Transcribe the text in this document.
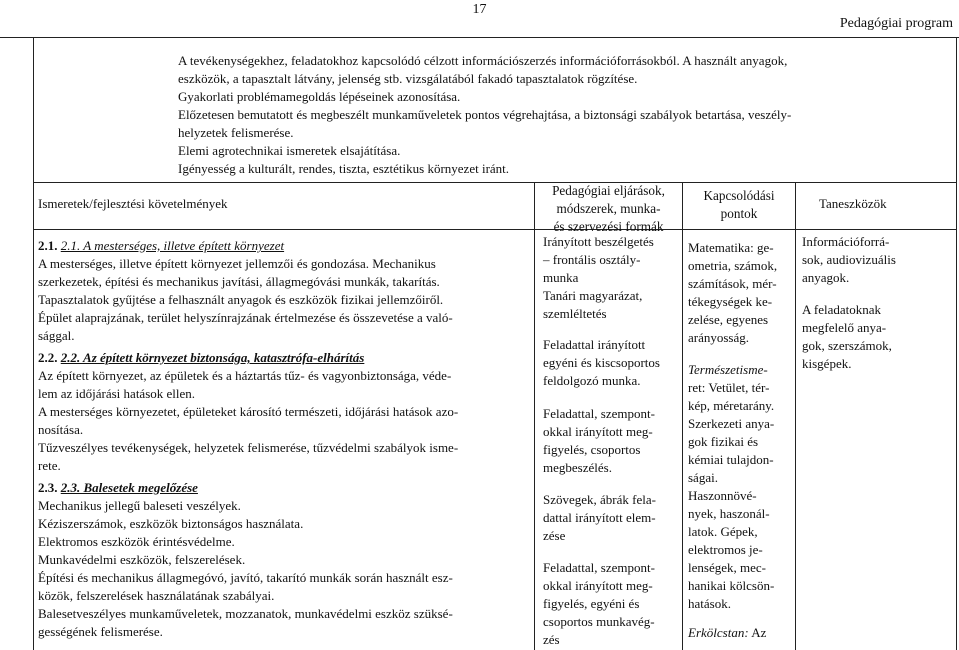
17
Pedagógiai program
A tevékenységekhez, feladatokhoz kapcsolódó célzott információszerzés információforrásokból. A használt anyagok,
eszközök, a tapasztalt látvány, jelenség stb. vizsgálatából fakadó tapasztalatok rögzítése.
Gyakorlati problémamegoldás lépéseinek azonosítása.
Előzetesen bemutatott és megbeszélt munkaműveletek pontos végrehajtása, a biztonsági szabályok betartása, veszély-
helyzetek felismerése.
Elemi agrotechnikai ismeretek elsajátítása.
Igényesség a kulturált, rendes, tiszta, esztétikus környezet iránt.
Ismeretek/fejlesztési követelmények
Pedagógiai eljárások,
módszerek, munka-
és szervezési formák
Kapcsolódási
pontok
Taneszközök
2.1. 2.1. A mesterséges, illetve épített környezet
A mesterséges, illetve épített környezet jellemzői és gondozása. Mechanikus
szerkezetek, építési és mechanikus javítási, állagmegóvási munkák, takarítás.
Tapasztalatok gyűjtése a felhasznált anyagok és eszközök fizikai jellemzőiről.
Épület alaprajzának, terület helyszínrajzának értelmezése és összevetése a való-
sággal.
2.2. 2.2. Az épített környezet biztonsága, katasztrófa-elhárítás
Az épített környezet, az épületek és a háztartás tűz- és vagyonbiztonsága, véde-
lem az időjárási hatások ellen.
A mesterséges környezetet, épületeket károsító természeti, időjárási hatások azo-
nosítása.
Tűzveszélyes tevékenységek, helyzetek felismerése, tűzvédelmi szabályok isme-
rete.
2.3. 2.3. Balesetek megelőzése
Mechanikus jellegű baleseti veszélyek.
Kéziszerszámok, eszközök biztonságos használata.
Elektromos eszközök érintésvédelme.
Munkavédelmi eszközök, felszerelések.
Építési és mechanikus állagmegóvó, javító, takarító munkák során használt esz-
közök, felszerelések használatának szabályai.
Balesetveszélyes munkaműveletek, mozzanatok, munkavédelmi eszköz szüksé-
gességének felismerése.
Irányított beszélgetés
– frontális osztály-
munka
Tanári magyarázat,
szemléltetés
Feladattal irányított
egyéni és kiscsoportos
feldolgozó munka.
Feladattal, szempont-
okkal irányított meg-
figyelés, csoportos
megbeszélés.
Szövegek, ábrák fela-
dattal irányított elem-
zése
Feladattal, szempont-
okkal irányított meg-
figyelés, egyéni és
csoportos munkavég-
zés
Matematika: ge-
ometria, számok,
számítások, mér-
tékegységek ke-
zelése, egyenes
arányosság.
Természetisme-
ret: Vetület, tér-
kép, méretarány.
Szerkezeti anya-
gok fizikai és
kémiai tulajdon-
ságai.
Haszonnövé-
nyek, haszonál-
latok. Gépek,
elektromos je-
lenségek, mec-
hanikai kölcsön-
hatások.
Erkölcstan: Az
Információforrá-
sok, audiovizuális
anyagok.
A feladatoknak
megfelelő anya-
gok, szerszámok,
kisgépek.
